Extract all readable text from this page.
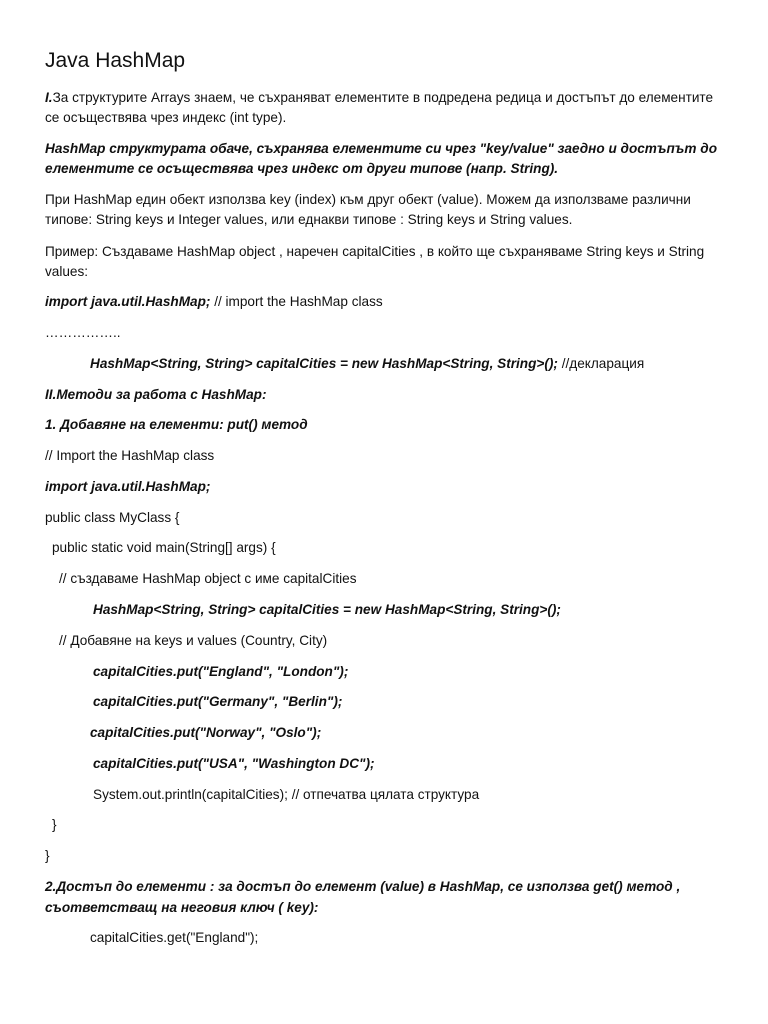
Java HashMap

I.За структурите Arrays знаем, че съхраняват елементите в подредена редица и достъпът до елементите

се осъществява чрез индекс (int type).

HashMap структурата обаче, съхранява елементите си чрез "key/value" заедно и достъпът до

елементите се осъществява чрез индекс от други типове (напр. String).

При HashMap един обект използва key (index) към друг обект (value). Можем да използваме различни

типове: String keys и Integer values, или еднакви типове : String keys и String values.

Пример: Създаваме HashMap object , наречен capitalCities , в който ще съхраняваме String keys и String

values:

import java.util.HashMap; // import the HashMap class

……………..

HashMap<String, String> capitalCities = new HashMap<String, String>(); //декларация

II.Методи за работа с HashMap:

1. Добавяне на елементи: put() метод

// Import the HashMap class

import java.util.HashMap;

public class MyClass {

public static void main(String[] args) {

// създаваме HashMap object с име capitalCities

HashMap<String, String> capitalCities = new HashMap<String, String>();

// Добавяне на keys и values (Country, City)

capitalCities.put("England", "London");

capitalCities.put("Germany", "Berlin");

capitalCities.put("Norway", "Oslo");

capitalCities.put("USA", "Washington DC");

System.out.println(capitalCities); // отпечатва цялата структура

}

}

2.Достъп до елементи : за достъп до елемент (value) в HashMap, се използва get() метод ,

съответстващ на неговия ключ ( key):

capitalCities.get("England");
